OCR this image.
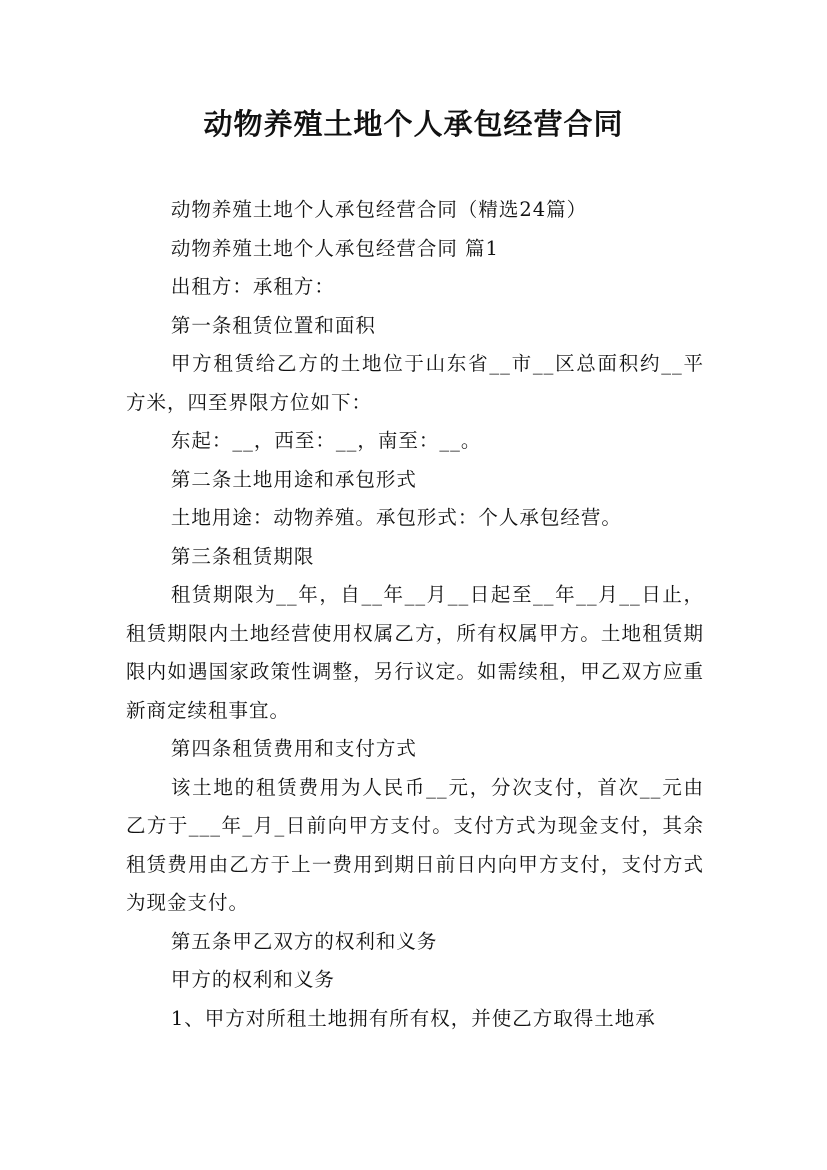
动物养殖土地个人承包经营合同

动物养殖土地个人承包经营合同（精选24篇）

动物养殖土地个人承包经营合同 篇1

出租方：承租方：

第一条租赁位置和面积

甲方租赁给乙方的土地位于山东省__市__区总面积约__平方米，四至界限方位如下：

东起：__，西至：__，南至：__。

第二条土地用途和承包形式

土地用途：动物养殖。承包形式：个人承包经营。

第三条租赁期限

租赁期限为__年，自__年__月__日起至__年__月__日止，租赁期限内土地经营使用权属乙方，所有权属甲方。土地租赁期限内如遇国家政策性调整，另行议定。如需续租，甲乙双方应重新商定续租事宜。

第四条租赁费用和支付方式

该土地的租赁费用为人民币__元，分次支付，首次__元由乙方于___年_月_日前向甲方支付。支付方式为现金支付，其余租赁费用由乙方于上一费用到期日前日内向甲方支付，支付方式为现金支付。

第五条甲乙双方的权利和义务

甲方的权利和义务

1、甲方对所租土地拥有所有权，并使乙方取得土地承
